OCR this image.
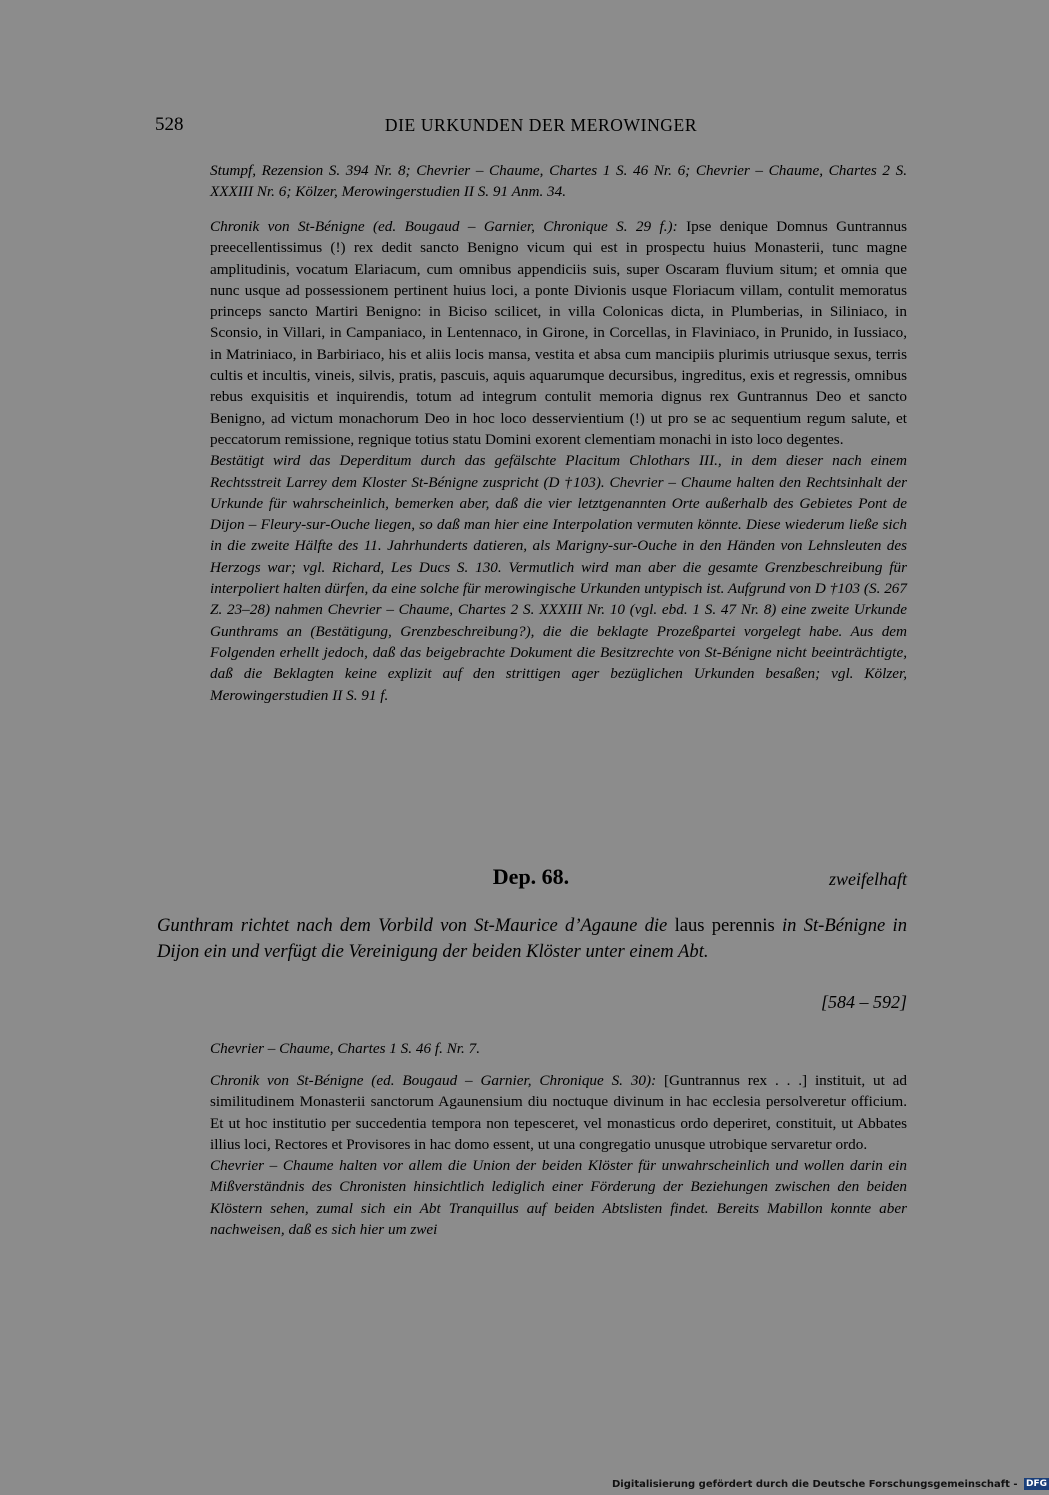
528	DIE URKUNDEN DER MEROWINGER

Stumpf, Rezension S. 394 Nr. 8; Chevrier – Chaume, Chartes 1 S. 46 Nr. 6; Chevrier – Chaume, Chartes 2 S. XXXIII Nr. 6; Kölzer, Merowingerstudien II S. 91 Anm. 34.

Chronik von St-Bénigne (ed. Bougaud – Garnier, Chronique S. 29 f.): Ipse denique Domnus Guntrannus preecellentissimus (!) rex dedit sancto Benigno vicum qui est in prospectu huius Monasterii, tunc magne amplitudinis, vocatum Elariacum, cum omnibus appendiciis suis, super Oscaram fluvium situm; et omnia que nunc usque ad possessionem pertinent huius loci, a ponte Divionis usque Floriacum villam, contulit memoratus princeps sancto Martiri Benigno: in Biciso scilicet, in villa Colonicas dicta, in Plumberias, in Siliniaco, in Sconsio, in Villari, in Campaniaco, in Lentennaco, in Girone, in Corcellas, in Flaviniaco, in Prunido, in Iussiaco, in Matriniaco, in Barbiriaco, his et aliis locis mansa, vestita et absa cum mancipiis plurimis utriusque sexus, terris cultis et incultis, vineis, silvis, pratis, pascuis, aquis aquarumque decursibus, ingreditus, exis et regressis, omnibus rebus exquisitis et inquirendis, totum ad integrum contulit memoria dignus rex Guntrannus Deo et sancto Benigno, ad victum monachorum Deo in hoc loco desservientium (!) ut pro se ac sequentium regum salute, et peccatorum remissione, regnique totius statu Domini exorent clementiam monachi in isto loco degentes.

Bestätigt wird das Deperditum durch das gefälschte Placitum Chlothars III., in dem dieser nach einem Rechtsstreit Larrey dem Kloster St-Bénigne zuspricht (D †103). Chevrier – Chaume halten den Rechtsinhalt der Urkunde für wahrscheinlich, bemerken aber, daß die vier letztgenannten Orte außerhalb des Gebietes Pont de Dijon – Fleury-sur-Ouche liegen, so daß man hier eine Interpolation vermuten könnte. Diese wiederum ließe sich in die zweite Hälfte des 11. Jahrhunderts datieren, als Marigny-sur-Ouche in den Händen von Lehnsleuten des Herzogs war; vgl. Richard, Les Ducs S. 130. Vermutlich wird man aber die gesamte Grenzbeschreibung für interpoliert halten dürfen, da eine solche für merowingische Urkunden untypisch ist. Aufgrund von D †103 (S. 267 Z. 23–28) nahmen Chevrier – Chaume, Chartes 2 S. XXXIII Nr. 10 (vgl. ebd. 1 S. 47 Nr. 8) eine zweite Urkunde Gunthrams an (Bestätigung, Grenzbeschreibung?), die die beklagte Prozeßpartei vorgelegt habe. Aus dem Folgenden erhellt jedoch, daß das beigebrachte Dokument die Besitzrechte von St-Bénigne nicht beeinträchtigte, daß die Beklagten keine explizit auf den strittigen ager bezüglichen Urkunden besaßen; vgl. Kölzer, Merowingerstudien II S. 91 f.

Dep. 68.	zweifelhaft
Gunthram richtet nach dem Vorbild von St-Maurice d’Agaune die laus perennis in St-Bénigne in Dijon ein und verfügt die Vereinigung der beiden Klöster unter einem Abt.
[584 – 592]

Chevrier – Chaume, Chartes 1 S. 46 f. Nr. 7.

Chronik von St-Bénigne (ed. Bougaud – Garnier, Chronique S. 30): [Guntrannus rex . . .] instituit, ut ad similitudinem Monasterii sanctorum Agaunensium diu noctuque divinum in hac ecclesia persolveretur officium. Et ut hoc institutio per succedentia tempora non tepesceret, vel monasticus ordo deperiret, constituit, ut Abbates illius loci, Rectores et Provisores in hac domo essent, ut una congregatio unusque utrobique servaretur ordo.

Chevrier – Chaume halten vor allem die Union der beiden Klöster für unwahrscheinlich und wollen darin ein Mißverständnis des Chronisten hinsichtlich lediglich einer Förderung der Beziehungen zwischen den beiden Klöstern sehen, zumal sich ein Abt Tranquillus auf beiden Abtslisten findet. Bereits Mabillon konnte aber nachweisen, daß es sich hier um zwei

Digitalisierung gefördert durch die Deutsche Forschungsgemeinschaft - DFG
